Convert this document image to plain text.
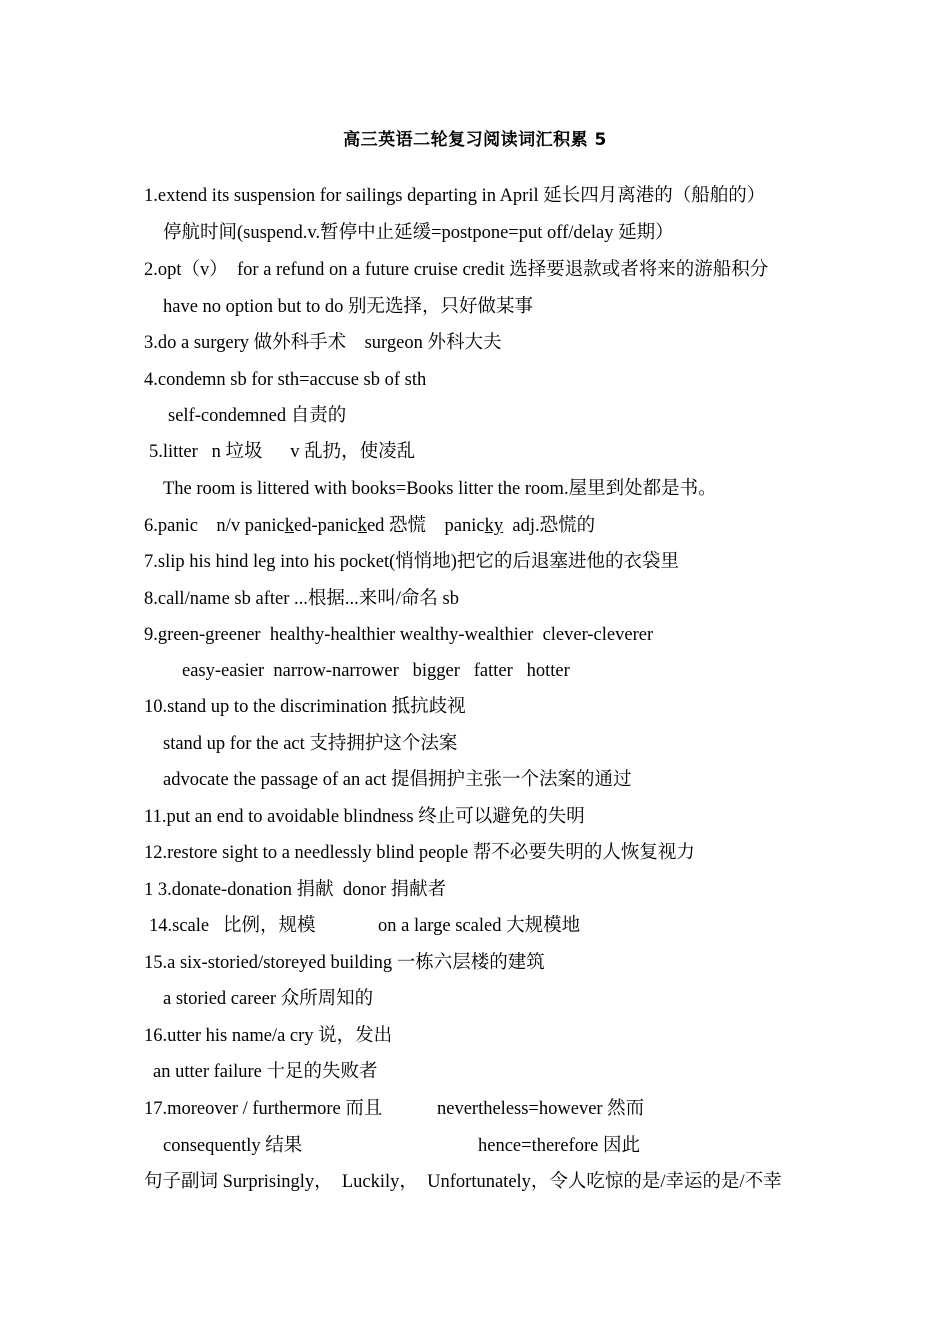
高三英语二轮复习阅读词汇积累 5
1.extend its suspension for sailings departing in April 延长四月离港的（船舶的）
停航时间(suspend.v.暂停中止延缓=postpone=put off/delay 延期）
2.opt（v）  for a refund on a future cruise credit 选择要退款或者将来的游船积分
have no option but to do 别无选择，只好做某事
3.do a surgery 做外科手术    surgeon 外科大夫
4.condemn sb for sth=accuse sb of sth
self-condemned 自责的
5.litter   n 垃圾      v 乱扔，使凌乱
The room is littered with books=Books litter the room.屋里到处都是书。
6.panic    n/v panicked-panicked 恐慌    panicky  adj.恐慌的
7.slip his hind leg into his pocket(悄悄地)把它的后退塞进他的衣袋里
8.call/name sb after ...根据...来叫/命名 sb
9.green-greener  healthy-healthier wealthy-wealthier  clever-cleverer
easy-easier  narrow-narrower   bigger   fatter   hotter
10.stand up to the discrimination 抵抗歧视
stand up for the act 支持拥护这个法案
advocate the passage of an act 提倡拥护主张一个法案的通过
11.put an end to avoidable blindness 终止可以避免的失明
12.restore sight to a needlessly blind people 帮不必要失明的人恢复视力
1 3.donate-donation 捐献  donor 捐献者
14.scale   比例，规模	on a large scaled 大规模地
15.a six-storied/storeyed building 一栋六层楼的建筑
a storied career 众所周知的
16.utter his name/a cry 说，发出
an utter failure 十足的失败者
17.moreover / furthermore 而且	nevertheless=however 然而
consequently 结果	hence=therefore 因此
句子副词 Surprisingly，  Luckily，  Unfortunately，令人吃惊的是/幸运的是/不幸
